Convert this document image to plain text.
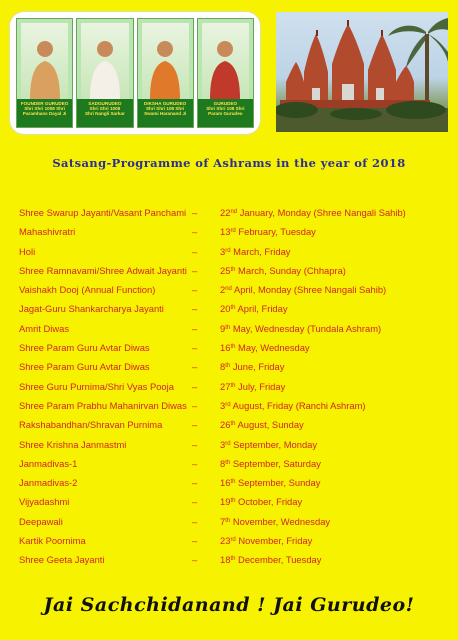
FOUNDER GURUDEO
Shri Shri 1008 Shri
Paramhans Dayal Ji
SADGURUDEO
Shri Shri 1008
Shri Nangli Sarkar
DIKSHA GURUDEO
Shri Shri 108 Shri
Swami Haranand Ji
GURUDEO
Shri Shri 108 Shri
Param Gurudeo
Satsang-Programme of Ashrams in the year of 2018
Shree Swarup Jayanti/Vasant Panchami – 22nd January, Monday (Shree Nangali Sahib)
Mahashivratri	– 13rd February, Tuesday
Holi	– 3rd March, Friday
Shree Ramnavami/Shree Adwait Jayanti – 25th March, Sunday (Chhapra)
Vaishakh Dooj (Annual Function)	– 2nd April, Monday (Shree Nangali Sahib)
Jagat-Guru Shankarcharya Jayanti	– 20th April, Friday
Amrit Diwas	– 9th May, Wednesday (Tundala Ashram)
Shree Param Guru Avtar Diwas	– 16th May, Wednesday
Shree Param Guru Avtar Diwas	– 8th June, Friday
Shree Guru Purnima/Shri Vyas Pooja – 27th July, Friday
Shree Param Prabhu Mahanirvan Diwas – 3rd August, Friday (Ranchi Ashram)
Rakshabandhan/Shravan Purnima	– 26th August, Sunday
Shree Krishna Janmastmi	– 3rd September, Monday
Janmadivas-1	– 8th September, Saturday
Janmadivas-2	– 16th September, Sunday
Vijyadashmi	– 19th October, Friday
Deepawali	– 7th November, Wednesday
Kartik Poornima	– 23rd November, Friday
Shree Geeta Jayanti	– 18th December, Tuesday
Jai Sachchidanand ! Jai Gurudeo!
